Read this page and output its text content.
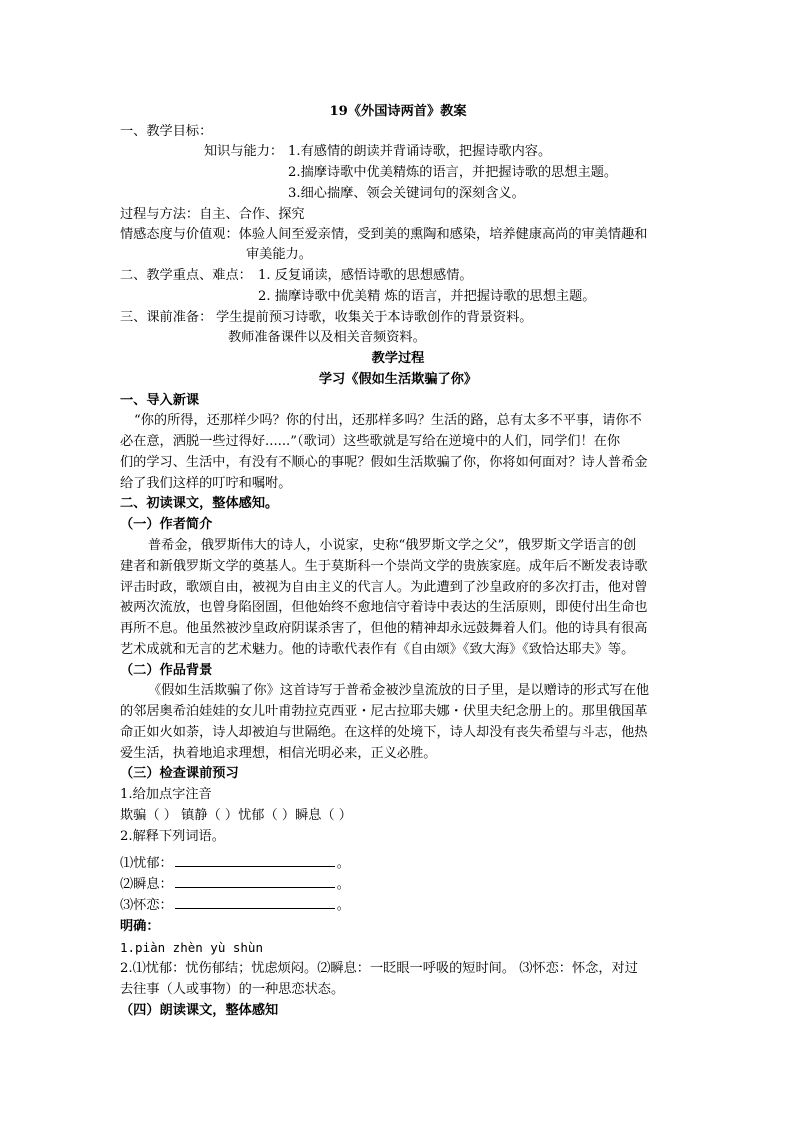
19《外国诗两首》教案
一、教学目标：
知识与能力： 1.有感情的朗读并背诵诗歌，把握诗歌内容。
2.揣摩诗歌中优美精炼的语言，并把握诗歌的思想主题。
3.细心揣摩、领会关键词句的深刻含义。
过程与方法：自主、合作、探究
情感态度与价值观：体验人间至爱亲情，受到美的熏陶和感染，培养健康高尚的审美情趣和
审美能力。
二、教学重点、难点： 1. 反复诵读，感悟诗歌的思想感情。
2. 揣摩诗歌中优美精 炼的语言，并把握诗歌的思想主题。
三、课前准备： 学生提前预习诗歌，收集关于本诗歌创作的背景资料。
教师准备课件以及相关音频资料。
教学过程
学习《假如生活欺骗了你》
一、导入新课
“你的所得，还那样少吗？你的付出，还那样多吗？生活的路，总有太多不平事，请你不
必在意，洒脱一些过得好......”（歌词）这些歌就是写给在逆境中的人们，同学们！在你
们的学习、生活中，有没有不顺心的事呢？假如生活欺骗了你，你将如何面对？诗人普希金
给了我们这样的叮咛和嘱咐。
二、初读课文，整体感知。
（一）作者简介
普希金，俄罗斯伟大的诗人，小说家，史称“俄罗斯文学之父”，俄罗斯文学语言的创
建者和新俄罗斯文学的奠基人。生于莫斯科一个崇尚文学的贵族家庭。成年后不断发表诗歌
评击时政，歌颂自由，被视为自由主义的代言人。为此遭到了沙皇政府的多次打击，他对曾
被两次流放，也曾身陷囹圄，但他始终不愈地信守着诗中表达的生活原则，即使付出生命也
再所不息。他虽然被沙皇政府阴谋杀害了，但他的精神却永远鼓舞着人们。他的诗具有很高
艺术成就和无言的艺术魅力。他的诗歌代表作有《自由颂》《致大海》《致恰达耶夫》等。
（二）作品背景
《假如生活欺骗了你》这首诗写于普希金被沙皇流放的日子里，是以赠诗的形式写在他
的邻居奥希泊娃娃的女儿叶甫勃拉克西亚・尼古拉耶夫娜・伏里夫纪念册上的。那里俄国革
命正如火如荼，诗人却被迫与世隔绝。在这样的处境下，诗人却没有丧失希望与斗志，他热
爱生活，执着地追求理想，相信光明必来，正义必胜。
（三）检查课前预习
1.给加点字注音
欺骗（ ） 镇静（ ）忧郁（ ）瞬息（ ）
2.解释下列词语。
⑴忧郁：	。
⑵瞬息：	。
⑶怀恋：	。
明确：
1.piàn zhèn yù shùn
2.⑴忧郁：忧伤郁结；忧虑烦闷。⑵瞬息：一眨眼一呼吸的短时间。 ⑶怀恋：怀念，对过
去往事（人或事物）的一种思恋状态。
（四）朗读课文，整体感知
